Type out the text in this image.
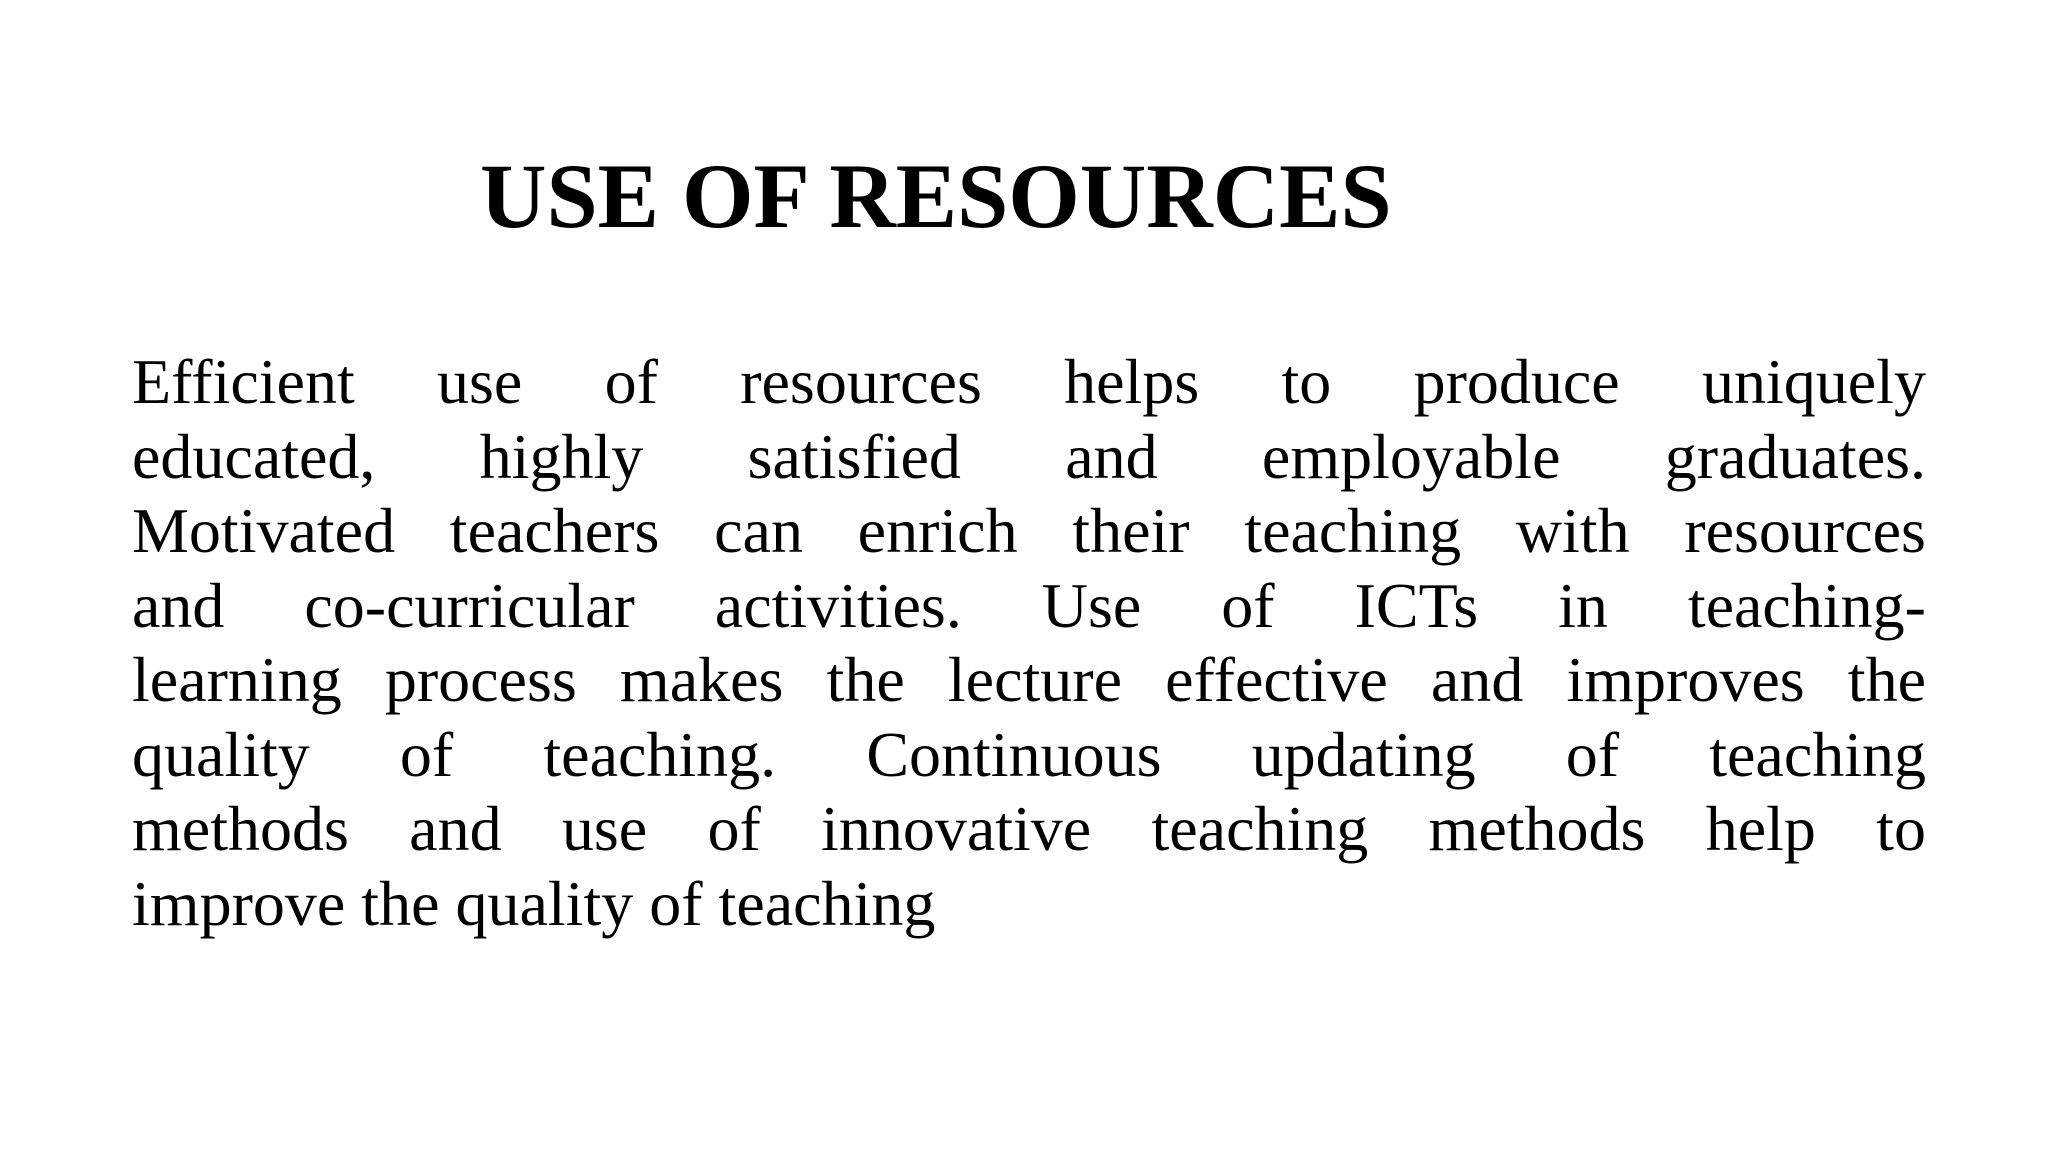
USE OF RESOURCES
Efficient use of resources helps to produce uniquely
educated, highly satisfied and employable graduates.
Motivated teachers can enrich their teaching with resources
and co-curricular activities. Use of ICTs in teaching-
learning process makes the lecture effective and improves the
quality of teaching. Continuous updating of teaching
methods and use of innovative teaching methods help to
improve the quality of teaching
